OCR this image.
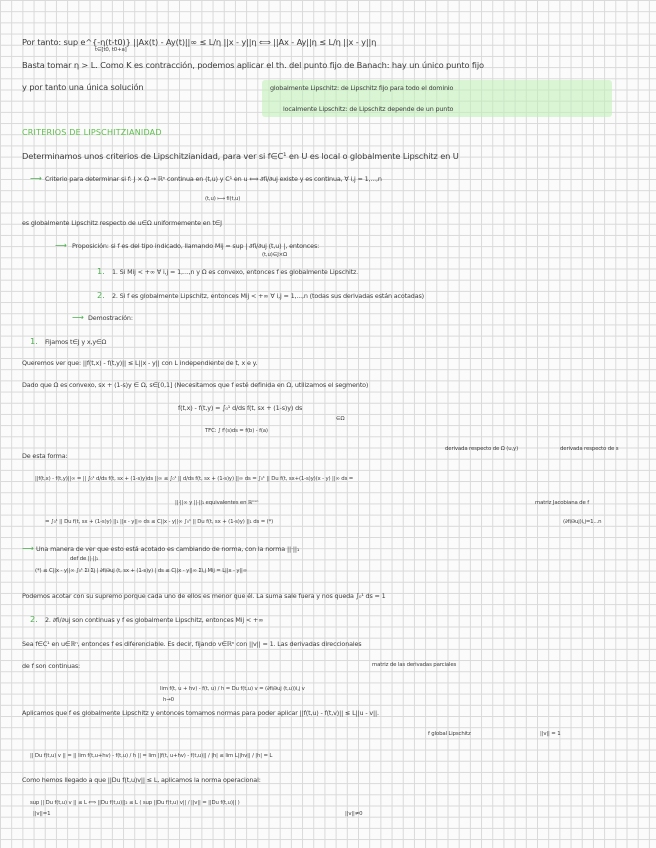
Por tanto: sup e^{-η(t-t0)} ||Ax(t) - Ay(t)||∞ ≤ L/η ||x - y||η ⟺ ||Ax - Ay||η ≤ L/η ||x - y||η
t∈[t0, t0+a]
Basta tomar η > L. Como K es contracción, podemos aplicar el th. del punto fijo de Banach: hay un único punto fijo
y por tanto una única solución	globalmente Lipschitz: de Lipschitz fijo para todo el dominio
localmente Lipschitz: de Lipschitz depende de un punto
CRITERIOS DE LIPSCHITZIANIDAD
Determinamos unos criterios de Lipschitzianidad, para ver si f∈C¹ en U es local o globalmente Lipschitz en U
⟶ Criterio para determinar si f: J × Ω → ℝⁿ continua en (t,u) y C¹ en u ⟺ ∂fi/∂uj existe y es continua, ∀ i,j = 1,...,n
(t,u) ⟼ fi(t,u)
es globalmente Lipschitz respecto de u∈Ω uniformemente en t∈J
⟶ Proposición: si f es del tipo indicado, llamando Mij = sup | ∂fi/∂uj (t,u) |, entonces:
(t,u)∈J×Ω
1. 1. Si Mij < +∞ ∀ i,j = 1,...,n y Ω es convexo, entonces f es globalmente Lipschitz.
2. 2. Si f es globalmente Lipschitz, entonces Mij < +∞ ∀ i,j = 1,...,n (todas sus derivadas están acotadas)
⟶ Demostración:
1. Fijamos t∈J y x,y∈Ω
Queremos ver que: ||f(t,x) - f(t,y)|| ≤ L||x - y|| con L independiente de t, x e y.
Dado que Ω es convexo, sx + (1-s)y ∈ Ω, s∈[0,1] (Necesitamos que f esté definida en Ω, utilizamos el segmento)
f(t,x) - f(t,y) = ∫₀¹ d/ds f(t, sx + (1-s)y) ds
∈Ω
TFC: ∫ f'(s)ds = f(b) - f(a)
De esta forma:
derivada respecto de Ω (u,y)	derivada respecto de s
||f(t,x) - f(t,y)||∞ = || ∫₀¹ d/ds f(t, sx + (1-s)y)ds ||∞ ≤ ∫₀¹ || d/ds f(t, sx + (1-s)y) ||∞ ds = ∫₀¹ || Du f(t, sx+(1-s)y)(x - y) ||∞ ds =
||·||∞ y ||·||₁ equivalentes en ℝⁿˣⁿ	matriz Jacobiana de f
= ∫₀¹ || Du f(t, sx + (1-s)y) ||₁ ||x - y||∞ ds ≤ C||x - y||∞ ∫₀¹ || Du f(t, sx + (1-s)y) ||₁ ds = (*)	(∂fi/∂uj)i,j=1...n
⟶ Una manera de ver que esto está acotado es cambiando de norma, con la norma ||·||₁
def de ||·||₁
(*) ≤ C||x - y||∞ ∫₀¹ Σi Σj | ∂fi/∂uj (t, sx + (1-s)y) | ds ≤ C||x - y||∞ Σi,j Mij = L||x - y||∞
Podemos acotar con su supremo porque cada uno de ellos es menor que él. La suma sale fuera y nos queda ∫₀¹ ds = 1
2. 2. ∂fi/∂uj son continuas y f es globalmente Lipschitz, entonces Mij < +∞
Sea f∈C¹ en u∈ℝⁿ, entonces f es diferenciable. Es decir, fijando v∈ℝⁿ con ||v|| = 1. Las derivadas direccionales
de f son continuas:	matriz de las derivadas parciales
lim f(t, u + hv) - f(t, u) / h = Du f(t,u) v = (∂fi/∂uj (t,u))i,j v
h→0
Aplicamos que f es globalmente Lipschitz y entonces tomamos normas para poder aplicar ||f(t,u) - f(t,v)|| ≤ L||u - v||.
f global Lipschitz	||v|| = 1
|| Du f(t,u) v || = || lim f(t,u+hv) - f(t,u) / h || = lim ||f(t, u+hv) - f(t,u)|| / |h| ≤ lim L||hv|| / |h| = L
Como hemos llegado a que ||Du f(t,u)v|| ≤ L, aplicamos la norma operacional:
sup || Du f(t,u) v || ≤ L ⟺ ||Du f(t,u)||₂ ≤ L ( sup ||Du f(t,u) v|| / ||v|| = ||Du f(t,u)|| )
||v||=1	||v||≠0
